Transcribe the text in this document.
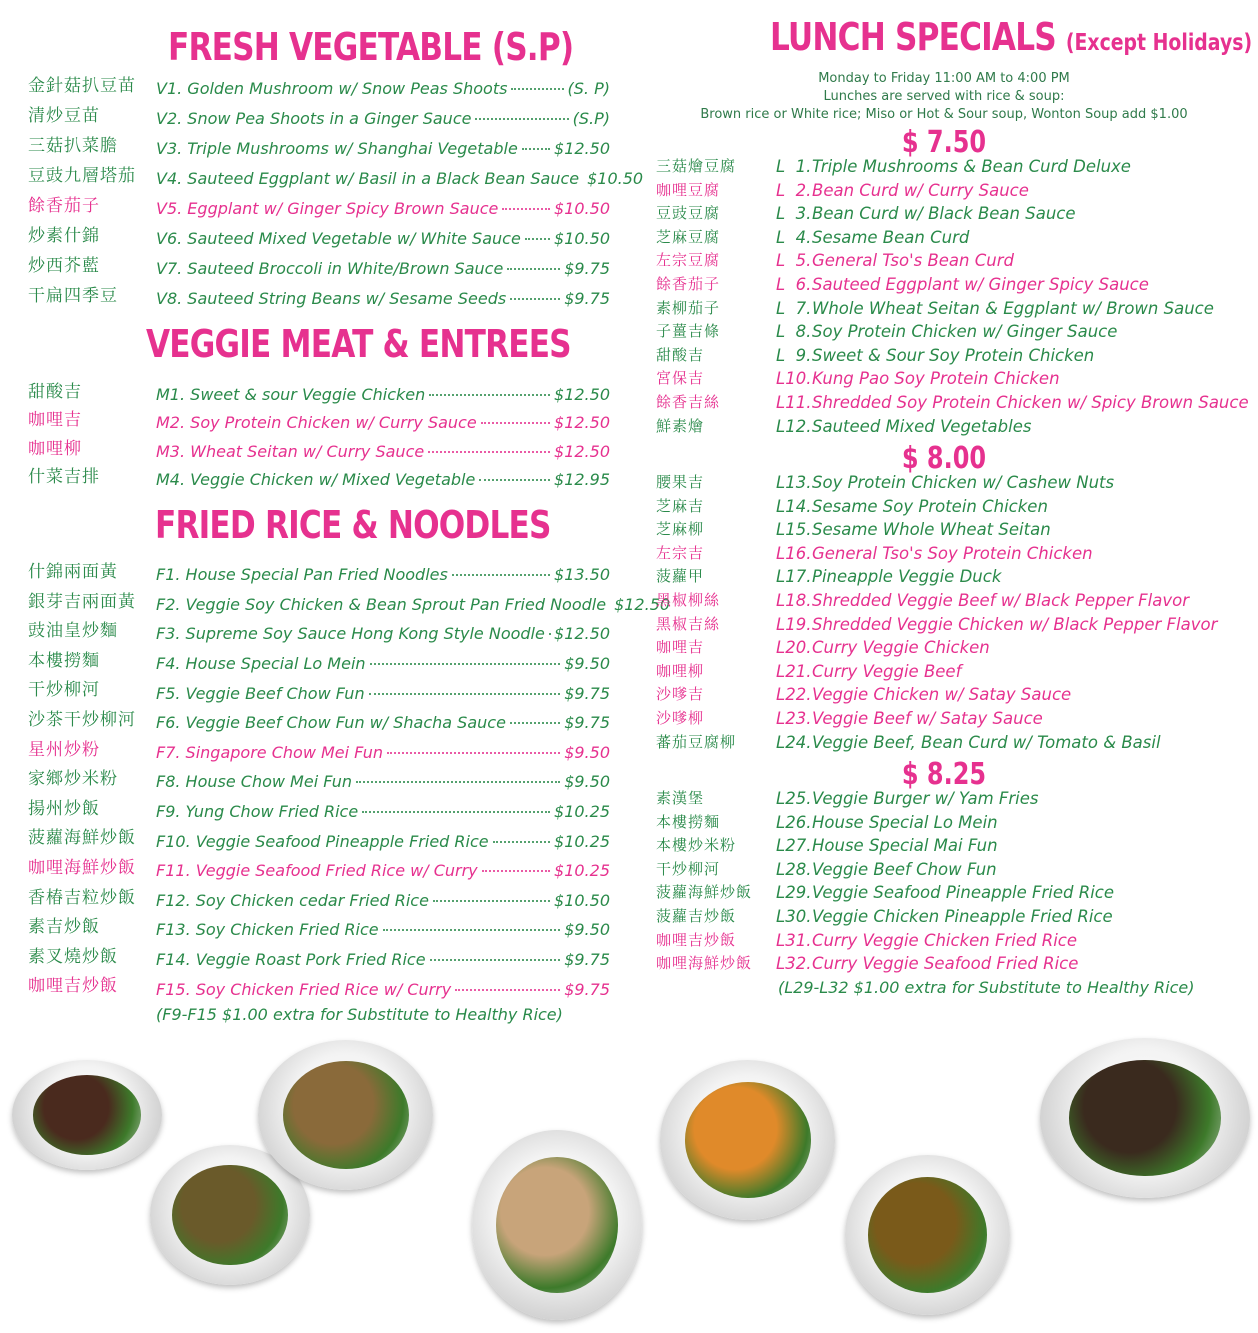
FRESH VEGETABLE (S.P)
金針菇扒豆苗 V1. Golden Mushroom w/ Snow Peas Shoots	(S. P)
清炒豆苗	V2. Snow Pea Shoots in a Ginger Sauce	(S.P)
三菇扒菜膽 V3. Triple Mushrooms w/ Shanghai Vegetable $12.50
豆豉九層塔茄 V4. Sauteed Eggplant w/ Basil in a Black Bean Sauce $10.50
餘香茄子	V5. Eggplant w/ Ginger Spicy Brown Sauce	$10.50
炒素什錦	V6. Sauteed Mixed Vegetable w/ White Sauce $10.50
炒西芥藍	V7. Sauteed Broccoli in White/Brown Sauce	$9.75
干扁四季豆 V8. Sauteed String Beans w/ Sesame Seeds	$9.75
VEGGIE MEAT & ENTREES
甜酸吉	M1. Sweet & sour Veggie Chicken	$12.50
咖哩吉	M2. Soy Protein Chicken w/ Curry Sauce	$12.50
咖哩柳	M3. Wheat Seitan w/ Curry Sauce	$12.50
什菜吉排	M4. Veggie Chicken w/ Mixed Vegetable	$12.95
FRIED RICE & NOODLES
什錦兩面黃 F1. House Special Pan Fried Noodles	$13.50
銀芽吉兩面黃 F2. Veggie Soy Chicken & Bean Sprout Pan Fried Noodle $12.50
豉油皇炒麵 F3. Supreme Soy Sauce Hong Kong Style Noodle $12.50
本樓撈麵	F4. House Special Lo Mein	$9.50
干炒柳河	F5. Veggie Beef Chow Fun	$9.75
沙茶干炒柳河 F6. Veggie Beef Chow Fun w/ Shacha Sauce	$9.75
星州炒粉	F7. Singapore Chow Mei Fun	$9.50
家鄉炒米粉 F8. House Chow Mei Fun	$9.50
揚州炒飯	F9. Yung Chow Fried Rice	$10.25
菠蘿海鮮炒飯 F10. Veggie Seafood Pineapple Fried Rice	$10.25
咖哩海鮮炒飯 F11. Veggie Seafood Fried Rice w/ Curry	$10.25
香椿吉粒炒飯 F12. Soy Chicken cedar Fried Rice	$10.50
素吉炒飯	F13. Soy Chicken Fried Rice	$9.50
素叉燒炒飯 F14. Veggie Roast Pork Fried Rice	$9.75
咖哩吉炒飯 F15. Soy Chicken Fried Rice w/ Curry	$9.75
(F9-F15 $1.00 extra for Substitute to Healthy Rice)
LUNCH SPECIALS (Except Holidays)
Monday to Friday 11:00 AM to 4:00 PM
Lunches are served with rice & soup:
Brown rice or White rice; Miso or Hot & Sour soup, Wonton Soup add $1.00
$ 7.50
三菇燴豆腐 L  1. Triple Mushrooms & Bean Curd Deluxe
咖哩豆腐	L  2. Bean Curd w/ Curry Sauce
豆豉豆腐	L  3. Bean Curd w/ Black Bean Sauce
芝麻豆腐	L  4. Sesame Bean Curd
左宗豆腐	L  5. General Tso's Bean Curd
餘香茄子	L  6. Sauteed Eggplant w/ Ginger Spicy Sauce
素柳茄子	L  7. Whole Wheat Seitan & Eggplant w/ Brown Sauce
子薑吉條	L  8. Soy Protein Chicken w/ Ginger Sauce
甜酸吉	L  9. Sweet & Sour Soy Protein Chicken
宮保吉	L10. Kung Pao Soy Protein Chicken
餘香吉絲	L11. Shredded Soy Protein Chicken w/ Spicy Brown Sauce
鮮素燴	L12. Sauteed Mixed Vegetables
$ 8.00
腰果吉	L13. Soy Protein Chicken w/ Cashew Nuts
芝麻吉	L14. Sesame Soy Protein Chicken
芝麻柳	L15. Sesame Whole Wheat Seitan
左宗吉	L16. General Tso's Soy Protein Chicken
菠蘿甲	L17. Pineapple Veggie Duck
黑椒柳絲	L18. Shredded Veggie Beef w/ Black Pepper Flavor
黑椒吉絲	L19. Shredded Veggie Chicken w/ Black Pepper Flavor
咖哩吉	L20. Curry Veggie Chicken
咖哩柳	L21. Curry Veggie Beef
沙嗲吉	L22. Veggie Chicken w/ Satay Sauce
沙嗲柳	L23. Veggie Beef w/ Satay Sauce
蕃茄豆腐柳 L24. Veggie Beef, Bean Curd w/ Tomato & Basil
$ 8.25
素漢堡	L25. Veggie Burger w/ Yam Fries
本樓撈麵	L26. House Special Lo Mein
本樓炒米粉 L27. House Special Mai Fun
干炒柳河	L28. Veggie Beef Chow Fun
菠蘿海鮮炒飯 L29. Veggie Seafood Pineapple Fried Rice
菠蘿吉炒飯 L30. Veggie Chicken Pineapple Fried Rice
咖哩吉炒飯 L31. Curry Veggie Chicken Fried Rice
咖哩海鮮炒飯 L32. Curry Veggie Seafood Fried Rice
(L29-L32 $1.00 extra for Substitute to Healthy Rice)
